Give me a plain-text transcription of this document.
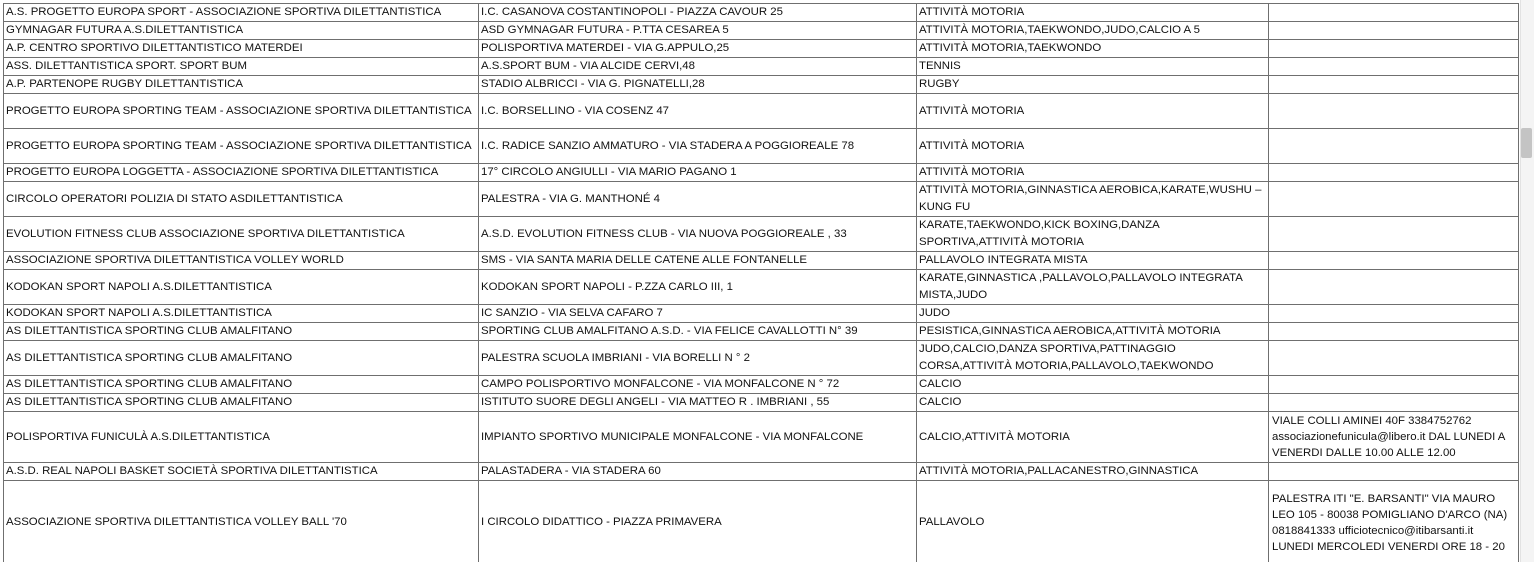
A.S. PROGETTO EUROPA SPORT - ASSOCIAZIONE SPORTIVA DILETTANTISTICA	I.C. CASANOVA COSTANTINOPOLI - PIAZZA CAVOUR 25	ATTIVITÀ MOTORIA	
GYMNAGAR FUTURA A.S.DILETTANTISTICA	ASD GYMNAGAR FUTURA - P.TTA CESAREA 5	ATTIVITÀ MOTORIA,TAEKWONDO,JUDO,CALCIO A 5	
A.P. CENTRO SPORTIVO DILETTANTISTICO MATERDEI	POLISPORTIVA MATERDEI - VIA G.APPULO,25	ATTIVITÀ MOTORIA,TAEKWONDO	
ASS. DILETTANTISTICA SPORT. SPORT BUM	A.S.SPORT BUM - VIA ALCIDE CERVI,48	TENNIS	
A.P. PARTENOPE RUGBY DILETTANTISTICA	STADIO ALBRICCI - VIA G. PIGNATELLI,28	RUGBY	
PROGETTO EUROPA SPORTING TEAM - ASSOCIAZIONE SPORTIVA DILETTANTISTICA	I.C. BORSELLINO - VIA COSENZ 47	ATTIVITÀ MOTORIA	
PROGETTO EUROPA SPORTING TEAM - ASSOCIAZIONE SPORTIVA DILETTANTISTICA	I.C. RADICE SANZIO AMMATURO - VIA STADERA A POGGIOREALE 78	ATTIVITÀ MOTORIA	
PROGETTO EUROPA LOGGETTA - ASSOCIAZIONE SPORTIVA DILETTANTISTICA	17° CIRCOLO ANGIULLI - VIA MARIO PAGANO 1	ATTIVITÀ MOTORIA	
CIRCOLO OPERATORI POLIZIA DI STATO ASDILETTANTISTICA	PALESTRA - VIA G. MANTHONÉ 4	ATTIVITÀ MOTORIA,GINNASTICA AEROBICA,KARATE,WUSHU – KUNG FU	
EVOLUTION FITNESS CLUB ASSOCIAZIONE SPORTIVA DILETTANTISTICA	A.S.D. EVOLUTION FITNESS CLUB - VIA NUOVA POGGIOREALE , 33	KARATE,TAEKWONDO,KICK BOXING,DANZA SPORTIVA,ATTIVITÀ MOTORIA	
ASSOCIAZIONE SPORTIVA DILETTANTISTICA VOLLEY WORLD	SMS - VIA SANTA MARIA DELLE CATENE ALLE FONTANELLE	PALLAVOLO INTEGRATA MISTA	
KODOKAN SPORT NAPOLI A.S.DILETTANTISTICA	KODOKAN SPORT NAPOLI - P.ZZA CARLO III, 1	KARATE,GINNASTICA ,PALLAVOLO,PALLAVOLO INTEGRATA MISTA,JUDO	
KODOKAN SPORT NAPOLI A.S.DILETTANTISTICA	IC SANZIO - VIA SELVA CAFARO 7	JUDO	
AS DILETTANTISTICA SPORTING CLUB AMALFITANO	SPORTING CLUB AMALFITANO A.S.D. - VIA FELICE CAVALLOTTI N° 39	PESISTICA,GINNASTICA AEROBICA,ATTIVITÀ MOTORIA	
AS DILETTANTISTICA SPORTING CLUB AMALFITANO	PALESTRA SCUOLA IMBRIANI - VIA BORELLI N ° 2	JUDO,CALCIO,DANZA SPORTIVA,PATTINAGGIO CORSA,ATTIVITÀ MOTORIA,PALLAVOLO,TAEKWONDO	
AS DILETTANTISTICA SPORTING CLUB AMALFITANO	CAMPO POLISPORTIVO MONFALCONE - VIA MONFALCONE N ° 72	CALCIO	
AS DILETTANTISTICA SPORTING CLUB AMALFITANO	ISTITUTO SUORE DEGLI ANGELI - VIA MATTEO R . IMBRIANI , 55	CALCIO	
POLISPORTIVA FUNICULÀ A.S.DILETTANTISTICA	IMPIANTO SPORTIVO MUNICIPALE MONFALCONE - VIA MONFALCONE	CALCIO,ATTIVITÀ MOTORIA	VIALE COLLI AMINEI 40F 3384752762 associazionefunicula@libero.it DAL LUNEDI A VENERDI DALLE 10.00 ALLE 12.00
A.S.D. REAL NAPOLI BASKET SOCIETÀ SPORTIVA DILETTANTISTICA	PALASTADERA - VIA STADERA 60	ATTIVITÀ MOTORIA,PALLACANESTRO,GINNASTICA	
ASSOCIAZIONE SPORTIVA DILETTANTISTICA VOLLEY BALL '70	I CIRCOLO DIDATTICO - PIAZZA PRIMAVERA	PALLAVOLO	PALESTRA ITI "E. BARSANTI" VIA MAURO LEO 105 - 80038 POMIGLIANO D'ARCO (NA) 0818841333 ufficiotecnico@itibarsanti.it LUNEDI MERCOLEDI VENERDI ORE 18 - 20
